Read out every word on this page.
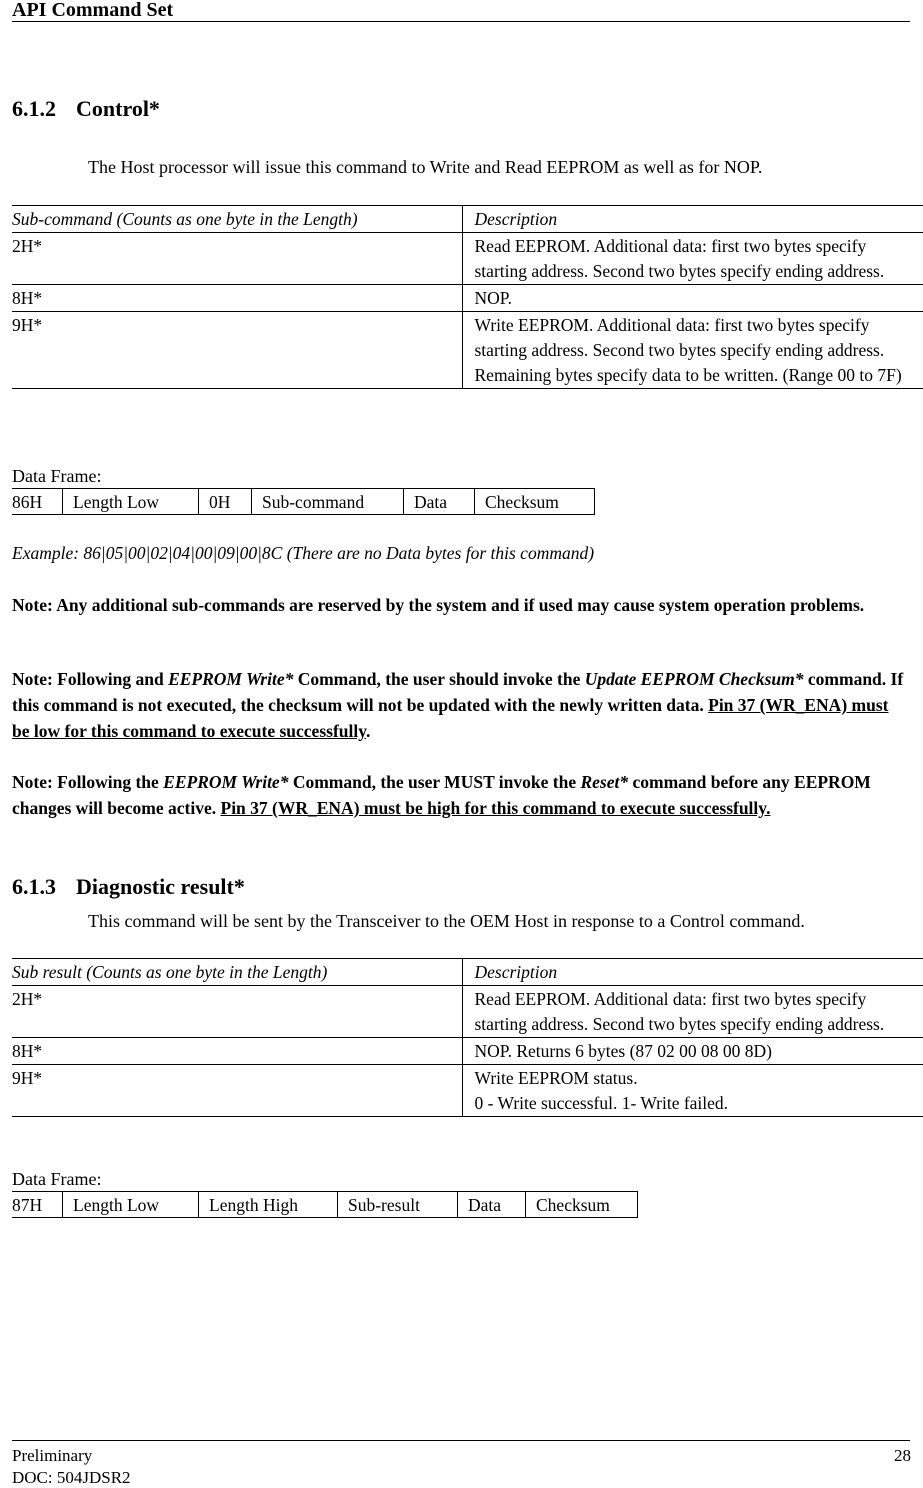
API Command Set
6.1.2 Control*
The Host processor will issue this command to Write and Read EEPROM as well as for NOP.
Sub-command (Counts as one byte in the Length)	Description
2H*	Read EEPROM. Additional data: first two bytes specify starting address. Second two bytes specify ending address.
8H*	NOP.
9H*	Write EEPROM. Additional data: first two bytes specify starting address. Second two bytes specify ending address. Remaining bytes specify data to be written. (Range 00 to 7F)
Data Frame:
86H	Length Low	0H	Sub-command	Data	Checksum
Example: 86|05|00|02|04|00|09|00|8C (There are no Data bytes for this command)
Note: Any additional sub-commands are reserved by the system and if used may cause system operation problems.
Note: Following and EEPROM Write* Command, the user should invoke the Update EEPROM Checksum* command. If this command is not executed, the checksum will not be updated with the newly written data. Pin 37 (WR_ENA) must be low for this command to execute successfully.
Note: Following the EEPROM Write* Command, the user MUST invoke the Reset* command before any EEPROM changes will become active. Pin 37 (WR_ENA) must be high for this command to execute successfully.
6.1.3 Diagnostic result*
This command will be sent by the Transceiver to the OEM Host in response to a Control command.
Sub result (Counts as one byte in the Length)	Description
2H*	Read EEPROM. Additional data: first two bytes specify starting address. Second two bytes specify ending address.
8H*	NOP. Returns 6 bytes (87 02 00 08 00 8D)
9H*	Write EEPROM status.
0 - Write successful. 1- Write failed.
Data Frame:
87H	Length Low	Length High	Sub-result	Data	Checksum
Preliminary	28
DOC: 504JDSR2
